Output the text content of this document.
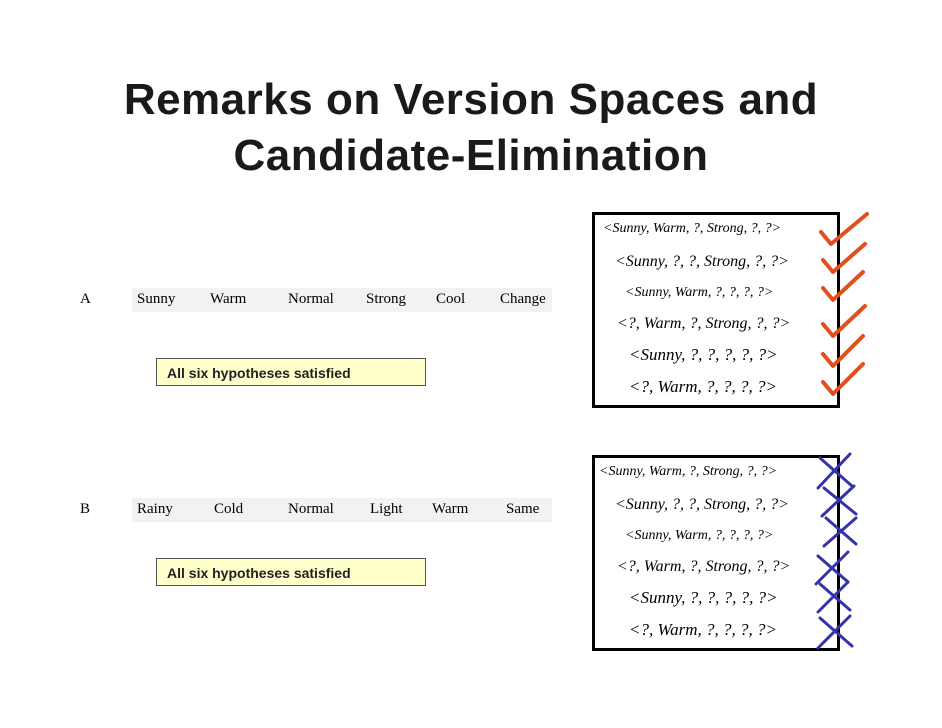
Remarks on Version Spaces and
Candidate-Elimination
A	Sunny Warm	Normal Strong Cool Change
All six hypotheses satisfied
B	Rainy	Cold	Normal Light Warm	Same
All six hypotheses satisfied
<Sunny, Warm, ?, Strong, ?, ?>
<Sunny, ?, ?, Strong, ?, ?>
<Sunny, Warm, ?, ?, ?, ?>
<?, Warm, ?, Strong, ?, ?>
<Sunny, ?, ?, ?, ?, ?>
<?, Warm, ?, ?, ?, ?>
<Sunny, Warm, ?, Strong, ?, ?>
<Sunny, ?, ?, Strong, ?, ?>
<Sunny, Warm, ?, ?, ?, ?>
<?, Warm, ?, Strong, ?, ?>
<Sunny, ?, ?, ?, ?, ?>
<?, Warm, ?, ?, ?, ?>
